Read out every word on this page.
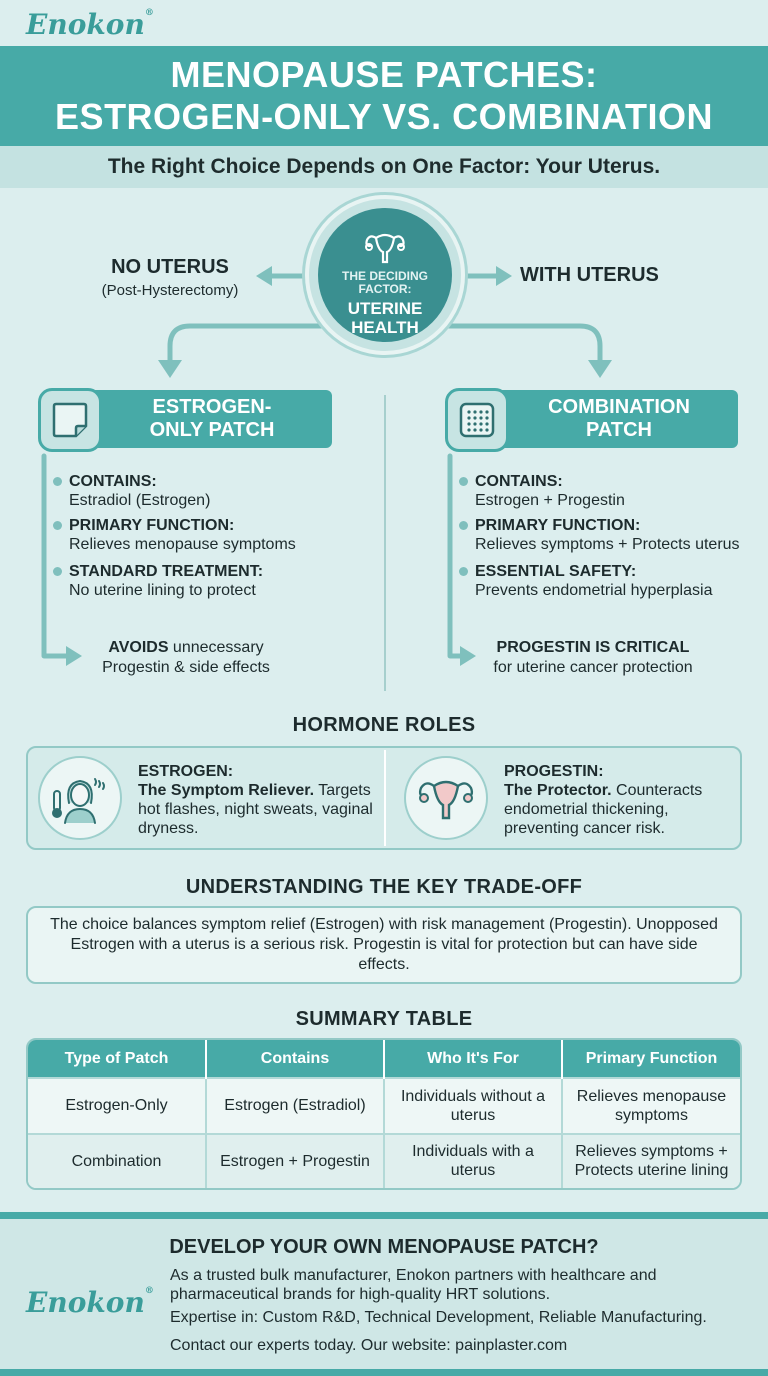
Enokon®
MENOPAUSE PATCHES:
ESTROGEN-ONLY VS. COMBINATION
The Right Choice Depends on One Factor: Your Uterus.
THE DECIDING FACTOR:
UTERINE HEALTH
NO UTERUS
(Post-Hysterectomy)
WITH UTERUS
ESTROGEN-ONLY PATCH
CONTAINS:
Estradiol (Estrogen)
PRIMARY FUNCTION:
Relieves menopause symptoms
STANDARD TREATMENT:
No uterine lining to protect
AVOIDS unnecessary
Progestin & side effects
COMBINATION PATCH
CONTAINS:
Estrogen + Progestin
PRIMARY FUNCTION:
Relieves symptoms + Protects uterus
ESSENTIAL SAFETY:
Prevents endometrial hyperplasia
PROGESTIN IS CRITICAL
for uterine cancer protection
HORMONE ROLES
ESTROGEN:
The Symptom Reliever. Targets hot flashes, night sweats, vaginal dryness.
PROGESTIN:
The Protector. Counteracts endometrial thickening, preventing cancer risk.
UNDERSTANDING THE KEY TRADE-OFF
The choice balances symptom relief (Estrogen) with risk management (Progestin). Unopposed Estrogen with a uterus is a serious risk. Progestin is vital for protection but can have side effects.
SUMMARY TABLE
Type of Patch	Contains	Who It's For	Primary Function
Estrogen-Only	Estrogen (Estradiol)	Individuals without a uterus	Relieves menopause symptoms
Combination	Estrogen + Progestin	Individuals with a uterus	Relieves symptoms + Protects uterine lining
DEVELOP YOUR OWN MENOPAUSE PATCH?
Enokon®
As a trusted bulk manufacturer, Enokon partners with healthcare and pharmaceutical brands for high-quality HRT solutions.
Expertise in: Custom R&D, Technical Development, Reliable Manufacturing.
Contact our experts today. Our website: painplaster.com
